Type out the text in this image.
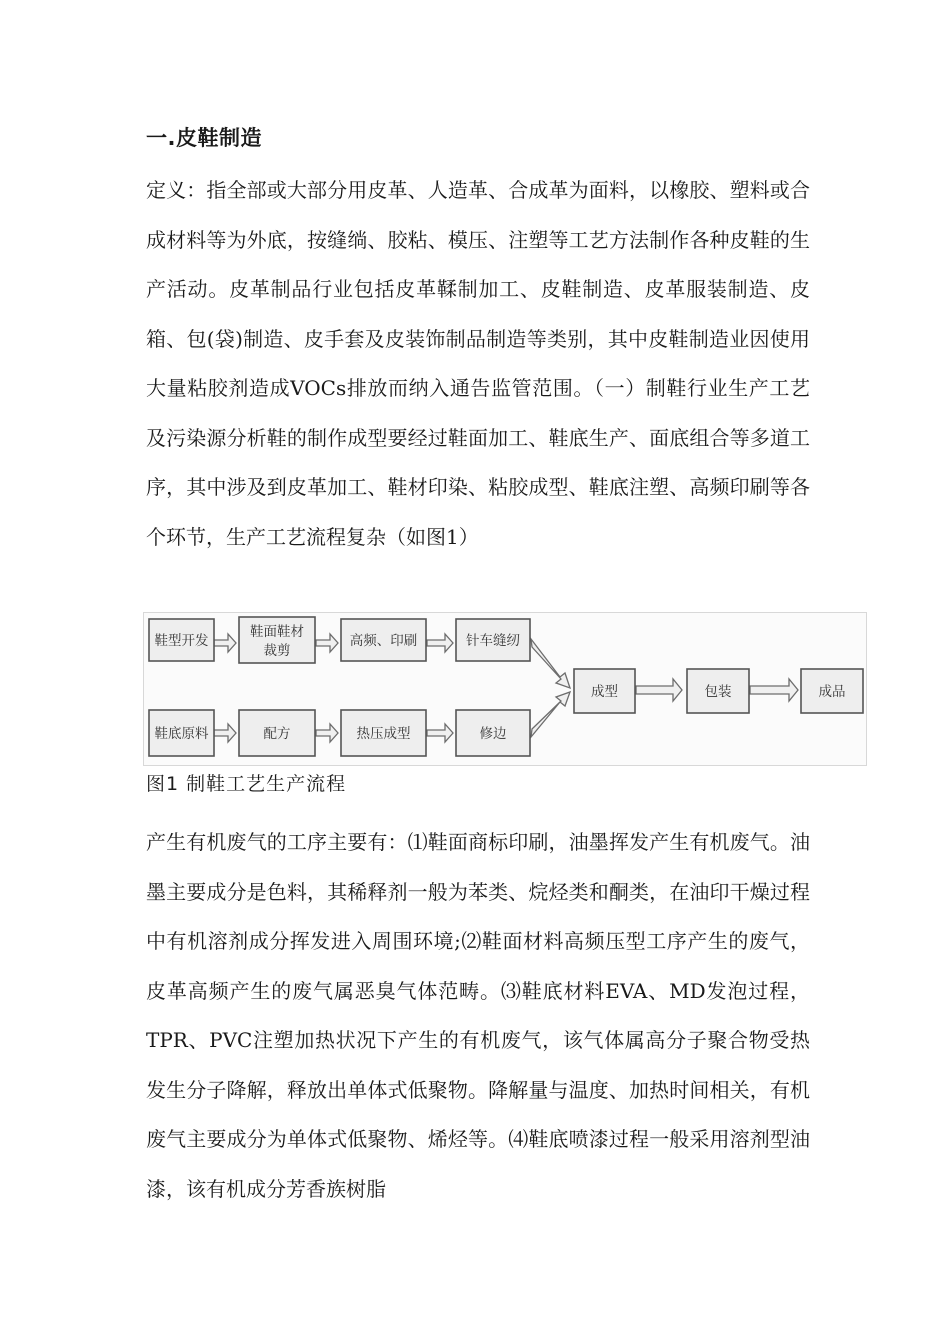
一.皮鞋制造

定义：指全部或大部分用皮革、人造革、合成革为面料，以橡胶、塑料或合成材料等为外底，按缝绱、胶粘、模压、注塑等工艺方法制作各种皮鞋的生产活动。皮革制品行业包括皮革鞣制加工、皮鞋制造、皮革服装制造、皮箱、包(袋)制造、皮手套及皮装饰制品制造等类别，其中皮鞋制造业因使用大量粘胶剂造成VOCs排放而纳入通告监管范围。（一）制鞋行业生产工艺及污染源分析鞋的制作成型要经过鞋面加工、鞋底生产、面底组合等多道工序，其中涉及到皮革加工、鞋材印染、粘胶成型、鞋底注塑、高频印刷等各个环节，生产工艺流程复杂（如图1）

鞋型开发
鞋面鞋材
裁剪
高频、印刷	针车缝纫
鞋底原料	配方	热压成型	修边
成型	包装	成品
图1 制鞋工艺生产流程

产生有机废气的工序主要有：⑴鞋面商标印刷，油墨挥发产生有机废气。油墨主要成分是色料，其稀释剂一般为苯类、烷烃类和酮类，在油印干燥过程中有机溶剂成分挥发进入周围环境;⑵鞋面材料高频压型工序产生的废气，皮革高频产生的废气属恶臭气体范畴。⑶鞋底材料EVA、MD发泡过程，TPR、PVC注塑加热状况下产生的有机废气，该气体属高分子聚合物受热发生分子降解，释放出单体式低聚物。降解量与温度、加热时间相关，有机废气主要成分为单体式低聚物、烯烃等。⑷鞋底喷漆过程一般采用溶剂型油漆，该有机成分芳香族树脂
